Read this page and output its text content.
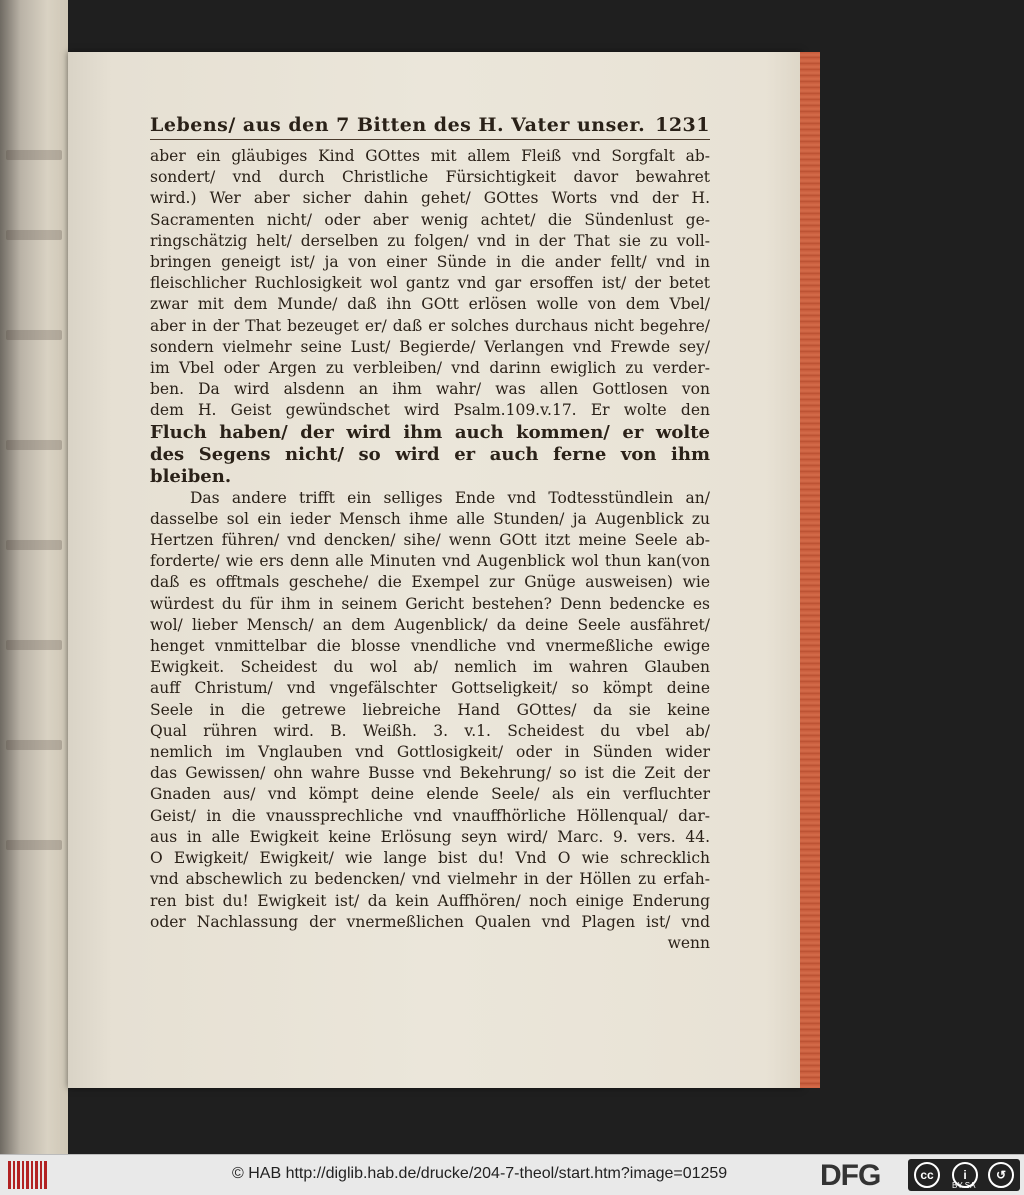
Lebens/ aus den 7 Bitten des H. Vater unser. 1231
aber ein gläubiges Kind GOttes mit allem Fleiß vnd Sorgfalt ab-
sondert/ vnd durch Christliche Fürsichtigkeit davor bewahret
wird.) Wer aber sicher dahin gehet/ GOttes Worts vnd der H.
Sacramenten nicht/ oder aber wenig achtet/ die Sündenlust ge-
ringschätzig helt/ derselben zu folgen/ vnd in der That sie zu voll-
bringen geneigt ist/ ja von einer Sünde in die ander fellt/ vnd in
fleischlicher Ruchlosigkeit wol gantz vnd gar ersoffen ist/ der betet
zwar mit dem Munde/ daß ihn GOtt erlösen wolle von dem Vbel/
aber in der That bezeuget er/ daß er solches durchaus nicht begehre/
sondern vielmehr seine Lust/ Begierde/ Verlangen vnd Frewde sey/
im Vbel oder Argen zu verbleiben/ vnd darinn ewiglich zu verder-
ben. Da wird alsdenn an ihm wahr/ was allen Gottlosen von
dem H. Geist gewündschet wird Psalm.109.v.17. Er wolte den
Fluch haben/ der wird ihm auch kommen/ er wolte
des Segens nicht/ so wird er auch ferne von ihm
bleiben.
Das andere trifft ein selliges Ende vnd Todtesstündlein an/
dasselbe sol ein ieder Mensch ihme alle Stunden/ ja Augenblick zu
Hertzen führen/ vnd dencken/ sihe/ wenn GOtt itzt meine Seele ab-
forderte/ wie ers denn alle Minuten vnd Augenblick wol thun kan(von
daß es offtmals geschehe/ die Exempel zur Gnüge ausweisen) wie
würdest du für ihm in seinem Gericht bestehen? Denn bedencke es
wol/ lieber Mensch/ an dem Augenblick/ da deine Seele ausfähret/
henget vnmittelbar die blosse vnendliche vnd vnermeßliche ewige
Ewigkeit. Scheidest du wol ab/ nemlich im wahren Glauben
auff Christum/ vnd vngefälschter Gottseligkeit/ so kömpt deine
Seele in die getrewe liebreiche Hand GOttes/ da sie keine
Qual rühren wird. B. Weißh. 3. v.1. Scheidest du vbel ab/
nemlich im Vnglauben vnd Gottlosigkeit/ oder in Sünden wider
das Gewissen/ ohn wahre Busse vnd Bekehrung/ so ist die Zeit der
Gnaden aus/ vnd kömpt deine elende Seele/ als ein verfluchter
Geist/ in die vnaussprechliche vnd vnauffhörliche Höllenqual/ dar-
aus in alle Ewigkeit keine Erlösung seyn wird/ Marc. 9. vers. 44.
O Ewigkeit/ Ewigkeit/ wie lange bist du! Vnd O wie schrecklich
vnd abschewlich zu bedencken/ vnd vielmehr in der Höllen zu erfah-
ren bist du! Ewigkeit ist/ da kein Auffhören/ noch einige Enderung
oder Nachlassung der vnermeßlichen Qualen vnd Plagen ist/ vnd
wenn
© HAB http://diglib.hab.de/drucke/204-7-theol/start.htm?image=01259	DFG	cc	i	↺
BY SA
